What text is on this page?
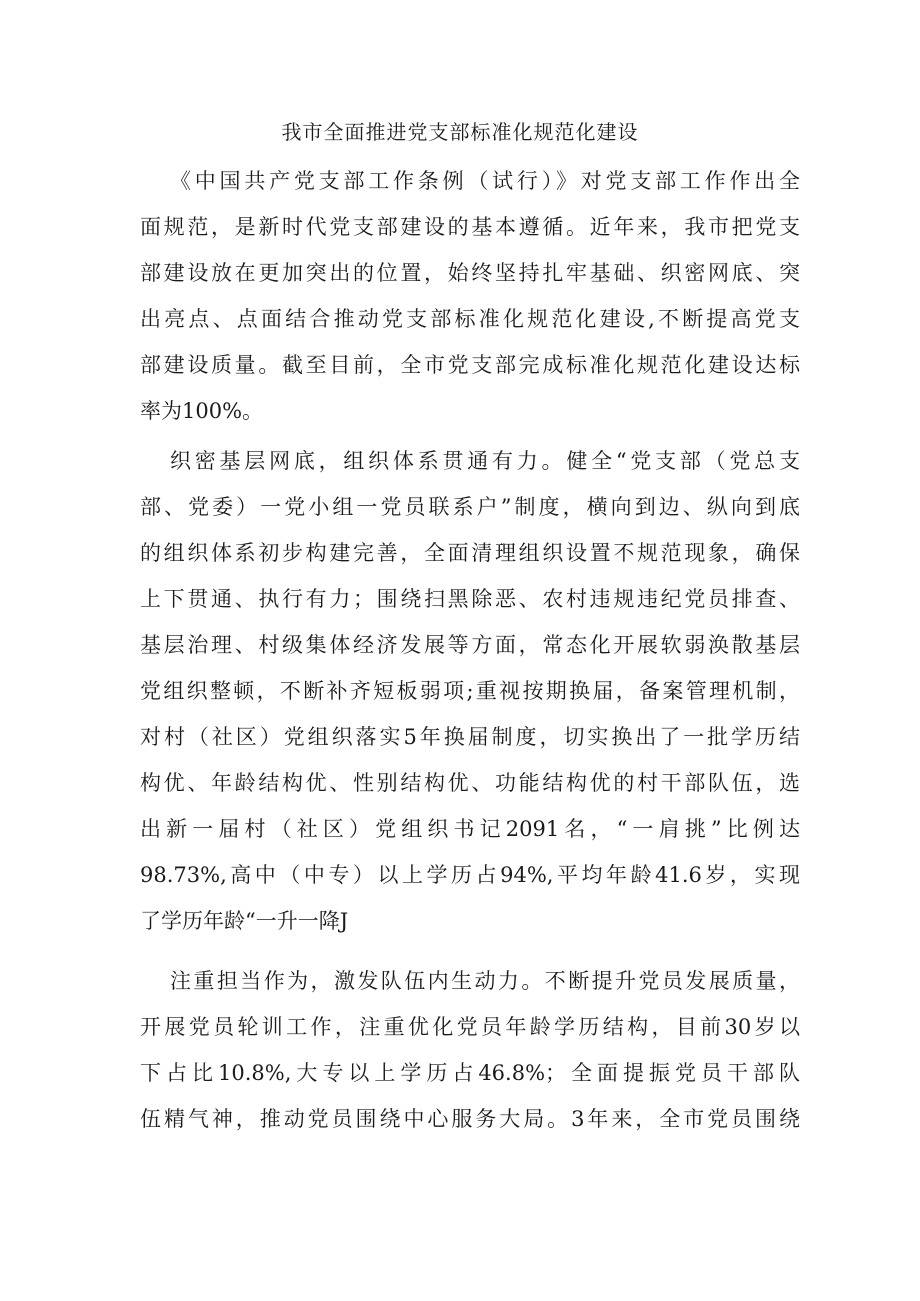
我市全面推进党支部标准化规范化建设
《中国共产党支部工作条例（试行）》对党支部工作作出全
面规范，是新时代党支部建设的基本遵循。近年来，我市把党支
部建设放在更加突出的位置，始终坚持扎牢基础、织密网底、突
出亮点、点面结合推动党支部标准化规范化建设,不断提高党支
部建设质量。截至目前，全市党支部完成标准化规范化建设达标
率为100%。
织密基层网底，组织体系贯通有力。健全“党支部（党总支
部、党委）一党小组一党员联系户”制度，横向到边、纵向到底
的组织体系初步构建完善，全面清理组织设置不规范现象，确保
上下贯通、执行有力；围绕扫黑除恶、农村违规违纪党员排查、
基层治理、村级集体经济发展等方面，常态化开展软弱涣散基层
党组织整顿，不断补齐短板弱项;重视按期换届，备案管理机制，
对村（社区）党组织落实5年换届制度，切实换出了一批学历结
构优、年龄结构优、性别结构优、功能结构优的村干部队伍，选
出新一届村（社区）党组织书记2091名，“一肩挑”比例达
98.73%,高中（中专）以上学历占94%,平均年龄41.6岁，实现
了学历年龄“一升一降J
注重担当作为，激发队伍内生动力。不断提升党员发展质量，
开展党员轮训工作，注重优化党员年龄学历结构，目前30岁以
下占比10.8%,大专以上学历占46.8%；全面提振党员干部队
伍精气神，推动党员围绕中心服务大局。3年来，全市党员围绕
